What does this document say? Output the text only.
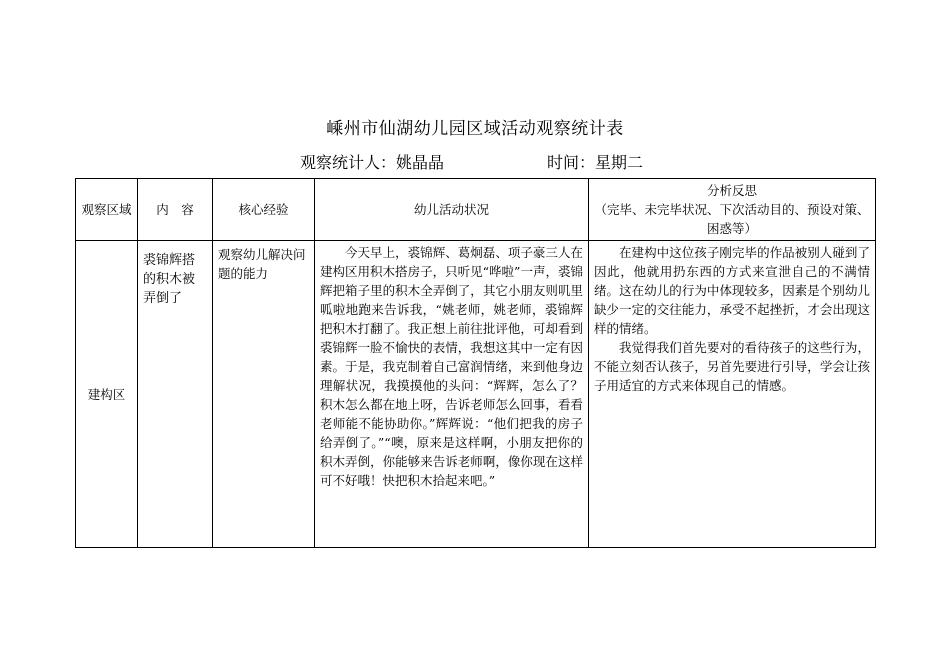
嵊州市仙湖幼儿园区域活动观察统计表
观察统计人：姚晶晶	时间：星期二
观察区域	内　容	核心经验	幼儿活动状况	分析反思
（完毕、未完毕状况、下次活动目的、预设对策、困惑等）

建构区	裘锦辉搭的积木被弄倒了	观察幼儿解决问题的能力	今天早上，裘锦辉、葛炯磊、项子豪三人在建构区用积木搭房子，只听见“哗啦”一声，裘锦辉把箱子里的积木全弄倒了，其它小朋友则叽里呱啦地跑来告诉我，“姚老师，姚老师，裘锦辉把积木打翻了。我正想上前往批评他，可却看到裘锦辉一脸不愉快的表情，我想这其中一定有因素。于是，我克制着自己富润情绪，来到他身边理解状况，我摸摸他的头问：“辉辉，怎么了？积木怎么都在地上呀，告诉老师怎么回事，看看老师能不能协助你。”辉辉说：“他们把我的房子给弄倒了。”“噢，原来是这样啊，小朋友把你的积木弄倒，你能够来告诉老师啊，像你现在这样可不好哦！快把积木拾起来吧。”	在建构中这位孩子刚完毕的作品被别人碰到了因此，他就用扔东西的方式来宣泄自己的不满情绪。这在幼儿的行为中体现较多，因素是个别幼儿缺少一定的交往能力，承受不起挫折，才会出现这样的情绪。

我觉得我们首先要对的看待孩子的这些行为，不能立刻否认孩子，另首先要进行引导，学会让孩子用适宜的方式来体现自己的情感。
